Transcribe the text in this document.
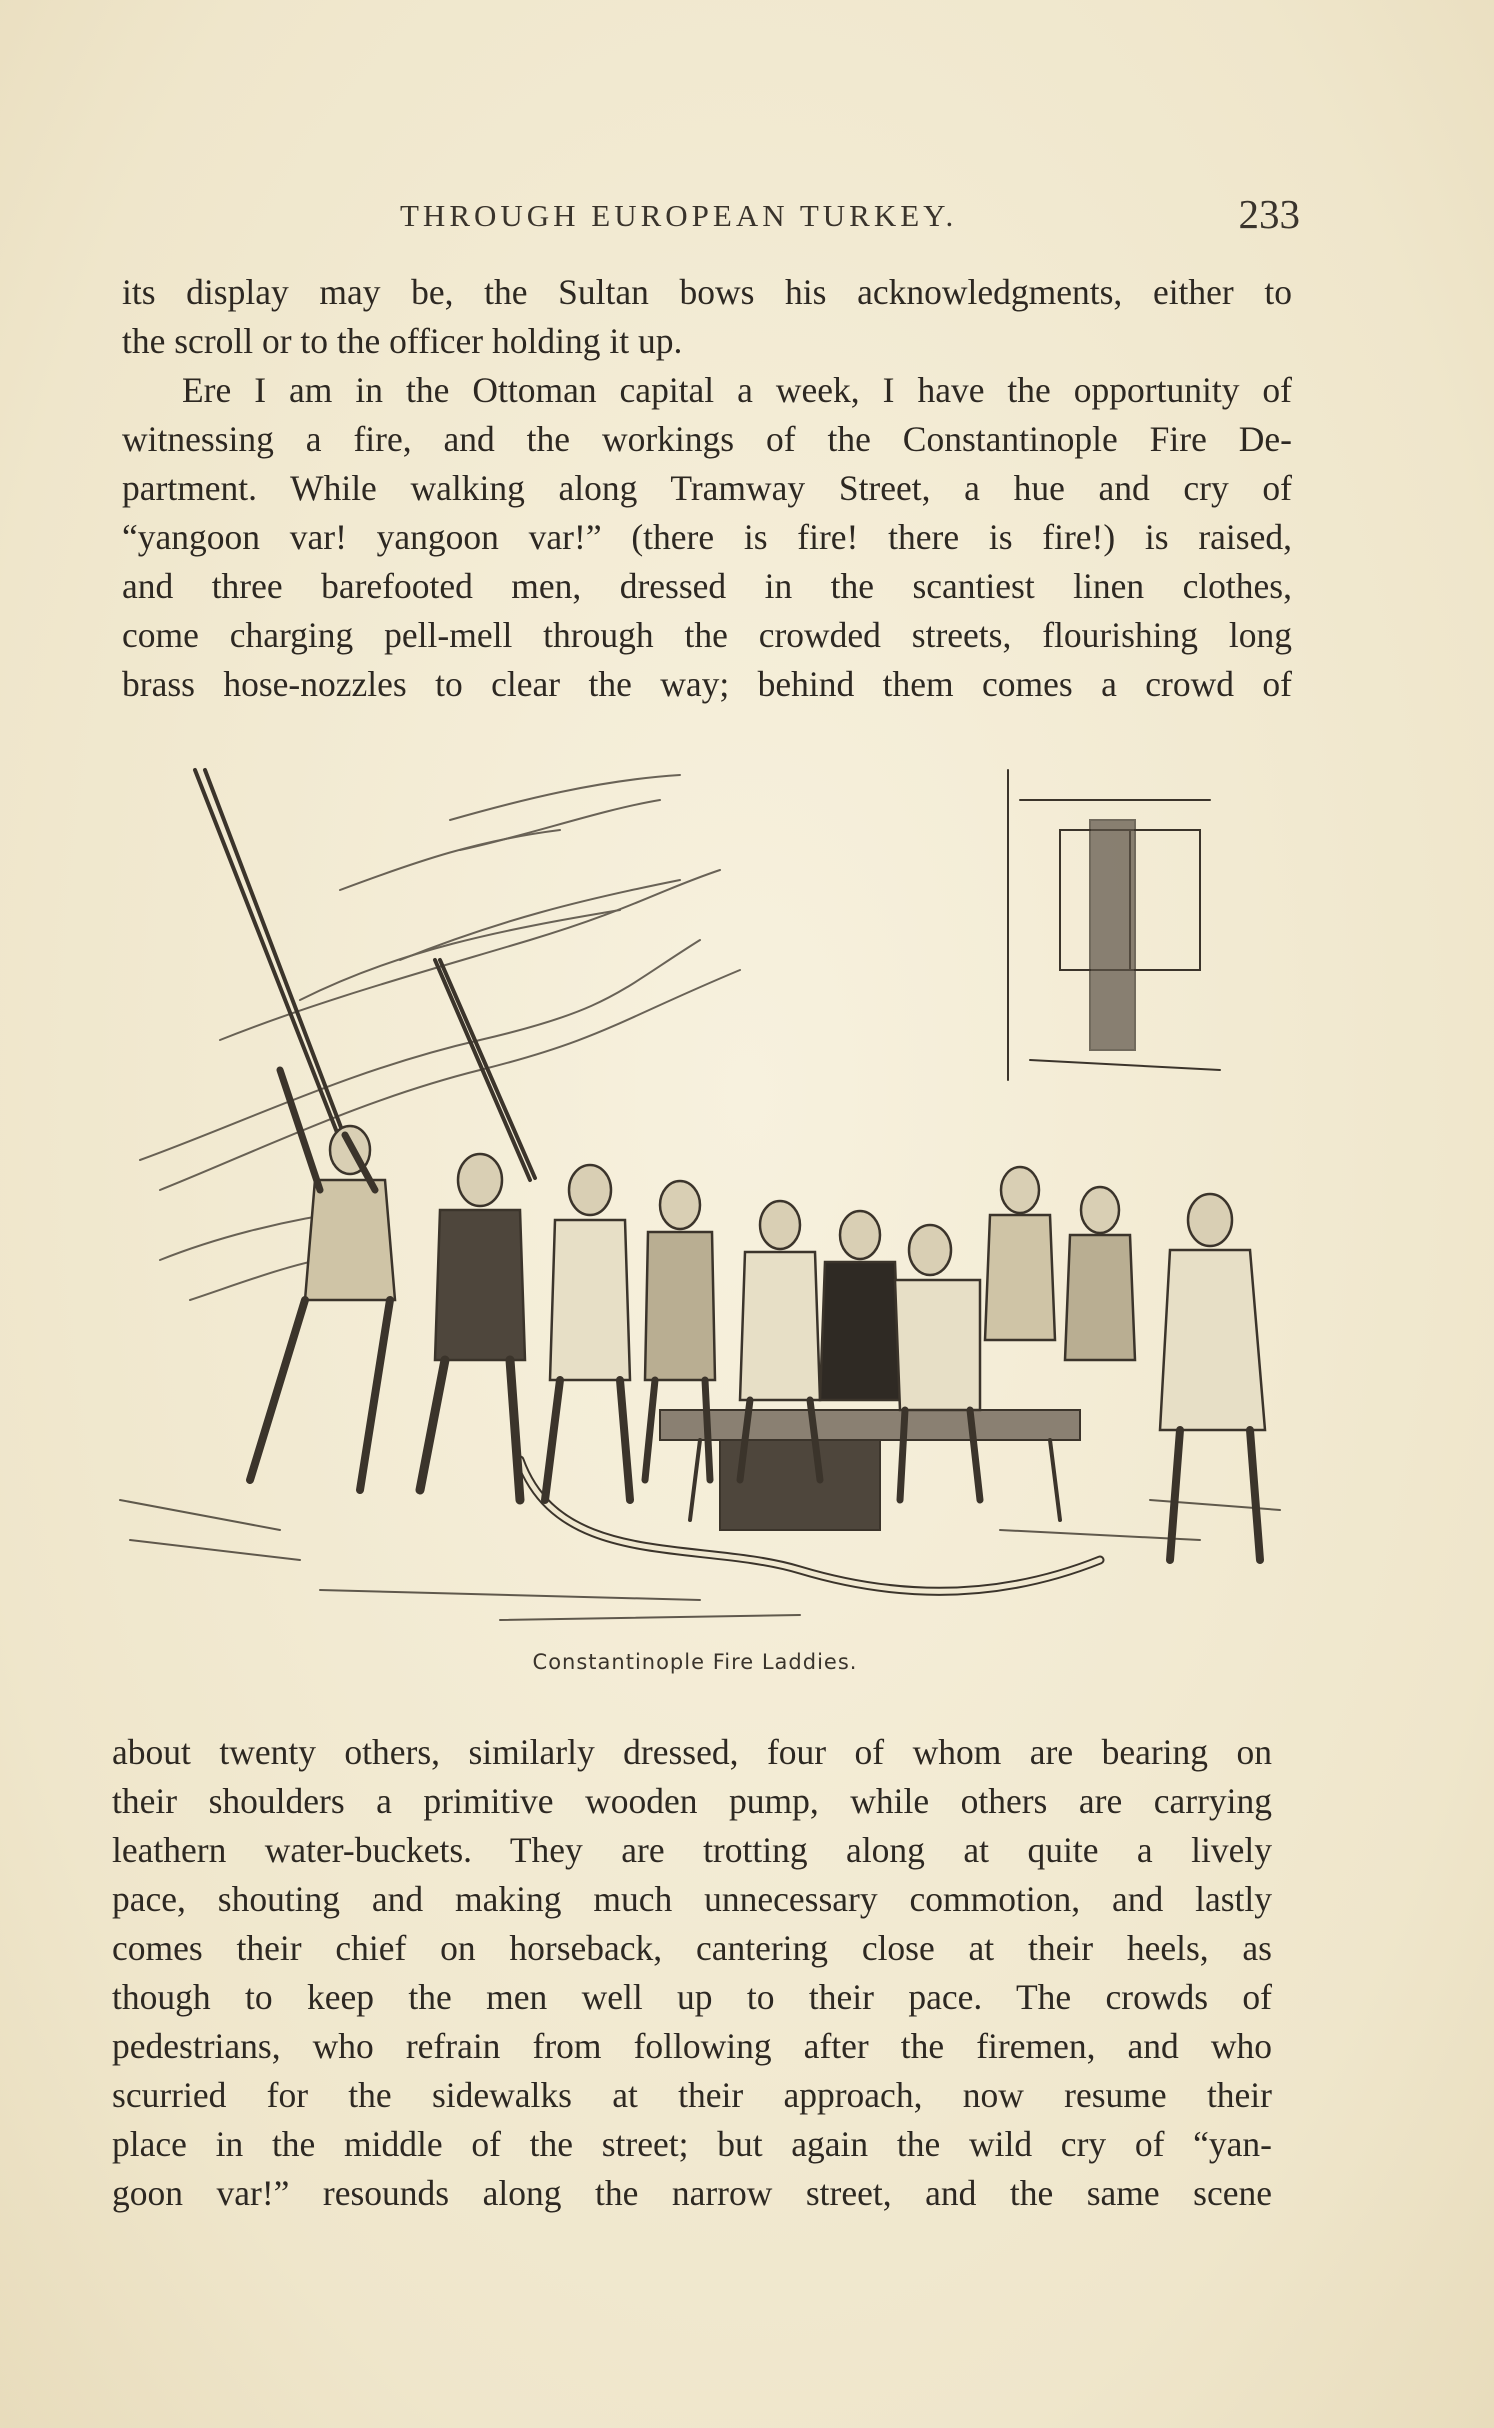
THROUGH EUROPEAN TURKEY.	233
its display may be, the Sultan bows his acknowledgments, either to
the scroll or to the officer holding it up.
Ere I am in the Ottoman capital a week, I have the opportunity of
witnessing a fire, and the workings of the Constantinople Fire De-
partment. While walking along Tramway Street, a hue and cry of
“yangoon var! yangoon var!” (there is fire! there is fire!) is raised,
and three barefooted men, dressed in the scantiest linen clothes,
come charging pell-mell through the crowded streets, flourishing long
brass hose-nozzles to clear the way; behind them comes a crowd of
Constantinople Fire Laddies.
about twenty others, similarly dressed, four of whom are bearing on
their shoulders a primitive wooden pump, while others are carrying
leathern water-buckets. They are trotting along at quite a lively
pace, shouting and making much unnecessary commotion, and lastly
comes their chief on horseback, cantering close at their heels, as
though to keep the men well up to their pace. The crowds of
pedestrians, who refrain from following after the firemen, and who
scurried for the sidewalks at their approach, now resume their
place in the middle of the street; but again the wild cry of “yan-
goon var!” resounds along the narrow street, and the same scene
